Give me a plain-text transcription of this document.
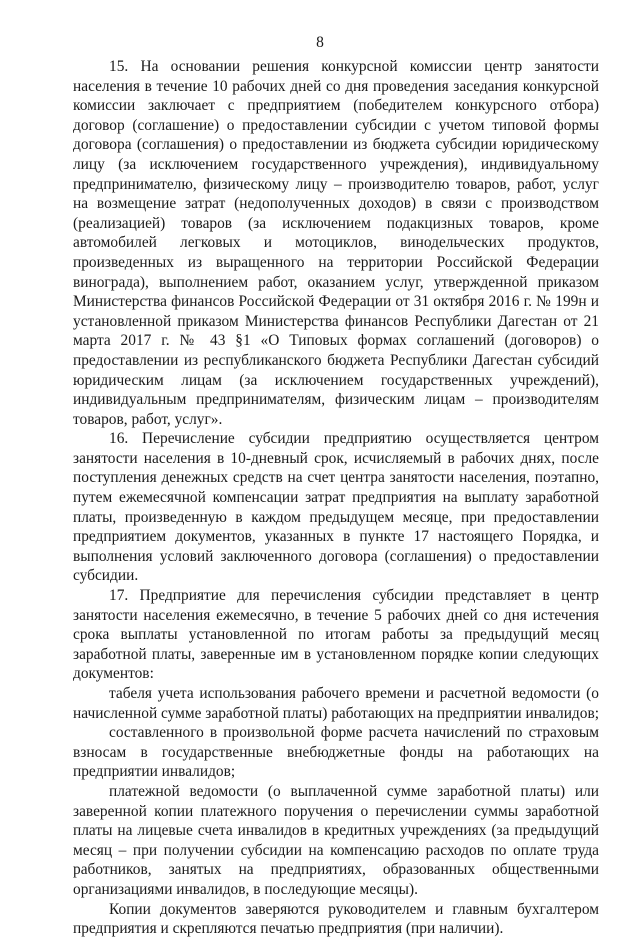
8

15. На основании решения конкурсной комиссии центр занятости населения в течение 10 рабочих дней со дня проведения заседания конкурсной комиссии заключает с предприятием (победителем конкурсного отбора) договор (соглашение) о предоставлении субсидии с учетом типовой формы договора (соглашения) о предоставлении из бюджета субсидии юридическому лицу (за исключением государственного учреждения), индивидуальному предпринимателю, физическому лицу – производителю товаров, работ, услуг на возмещение затрат (недополученных доходов) в связи с производством (реализацией) товаров (за исключением подакцизных товаров, кроме автомобилей легковых и мотоциклов, винодельческих продуктов, произведенных из выращенного на территории Российской Федерации винограда), выполнением работ, оказанием услуг, утвержденной приказом Министерства финансов Российской Федерации от 31 октября 2016 г. № 199н и установленной приказом Министерства финансов Республики Дагестан от 21 марта 2017 г. № 43 §1 «О Типовых формах соглашений (договоров) о предоставлении из республиканского бюджета Республики Дагестан субсидий юридическим лицам (за исключением государственных учреждений), индивидуальным предпринимателям, физическим лицам – производителям товаров, работ, услуг».

16. Перечисление субсидии предприятию осуществляется центром занятости населения в 10-дневный срок, исчисляемый в рабочих днях, после поступления денежных средств на счет центра занятости населения, поэтапно, путем ежемесячной компенсации затрат предприятия на выплату заработной платы, произведенную в каждом предыдущем месяце, при предоставлении предприятием документов, указанных в пункте 17 настоящего Порядка, и выполнения условий заключенного договора (соглашения) о предоставлении субсидии.

17. Предприятие для перечисления субсидии представляет в центр занятости населения ежемесячно, в течение 5 рабочих дней со дня истечения срока выплаты установленной по итогам работы за предыдущий месяц заработной платы, заверенные им в установленном порядке копии следующих документов:

табеля учета использования рабочего времени и расчетной ведомости (о начисленной сумме заработной платы) работающих на предприятии инвалидов;

составленного в произвольной форме расчета начислений по страховым взносам в государственные внебюджетные фонды на работающих на предприятии инвалидов;

платежной ведомости (о выплаченной сумме заработной платы) или заверенной копии платежного поручения о перечислении суммы заработной платы на лицевые счета инвалидов в кредитных учреждениях (за предыдущий месяц – при получении субсидии на компенсацию расходов по оплате труда работников, занятых на предприятиях, образованных общественными организациями инвалидов, в последующие месяцы).

Копии документов заверяются руководителем и главным бухгалтером предприятия и скрепляются печатью предприятия (при наличии).
